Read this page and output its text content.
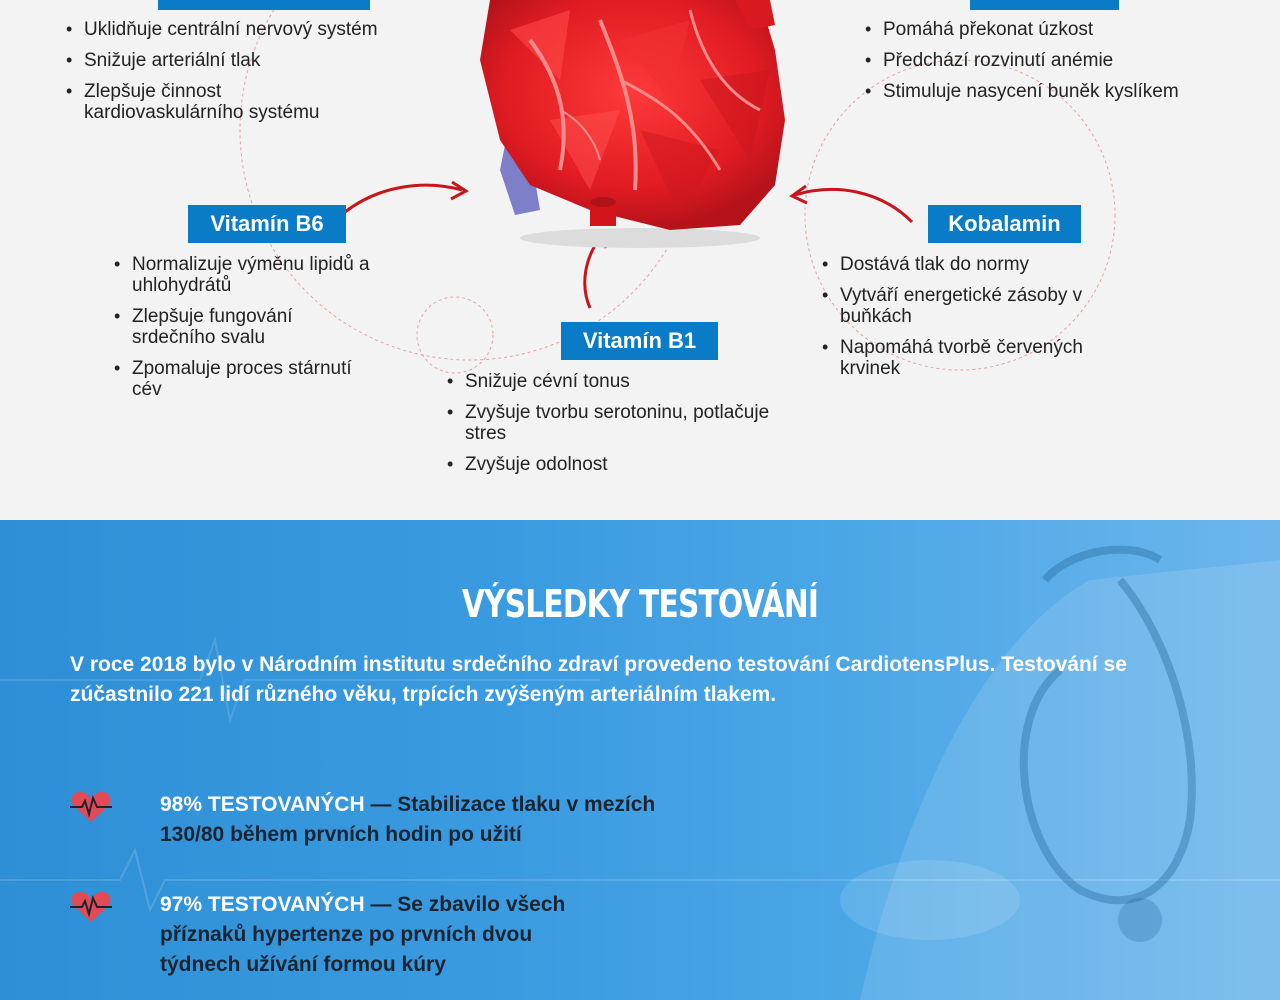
• Uklidňuje centrální nervový systém
• Snižuje arteriální tlak
• Zlepšuje činnost kardiovaskulárního systému
• Pomáhá překonat úzkost
• Předchází rozvinutí anémie
• Stimuluje nasycení buněk kyslíkem
Vitamín B6
• Normalizuje výměnu lipidů a uhlohydrátů
• Zlepšuje fungování srdečního svalu
• Zpomaluje proces stárnutí cév
Kobalamin
• Dostává tlak do normy
• Vytváří energetické zásoby v buňkách
• Napomáhá tvorbě červených krvinek
Vitamín B1
• Snižuje cévní tonus
• Zvyšuje tvorbu serotoninu, potlačuje stres
• Zvyšuje odolnost
VÝSLEDKY TESTOVÁNÍ

V roce 2018 bylo v Národním institutu srdečního zdraví provedeno testování CardiotensPlus. Testování se zúčastnilo 221 lidí různého věku, trpících zvýšeným arteriálním tlakem.

98% TESTOVANÝCH — Stabilizace tlaku v mezích 130/80 během prvních hodin po užití
97% TESTOVANÝCH — Se zbavilo všech příznaků hypertenze po prvních dvou týdnech užívání formou kúry
